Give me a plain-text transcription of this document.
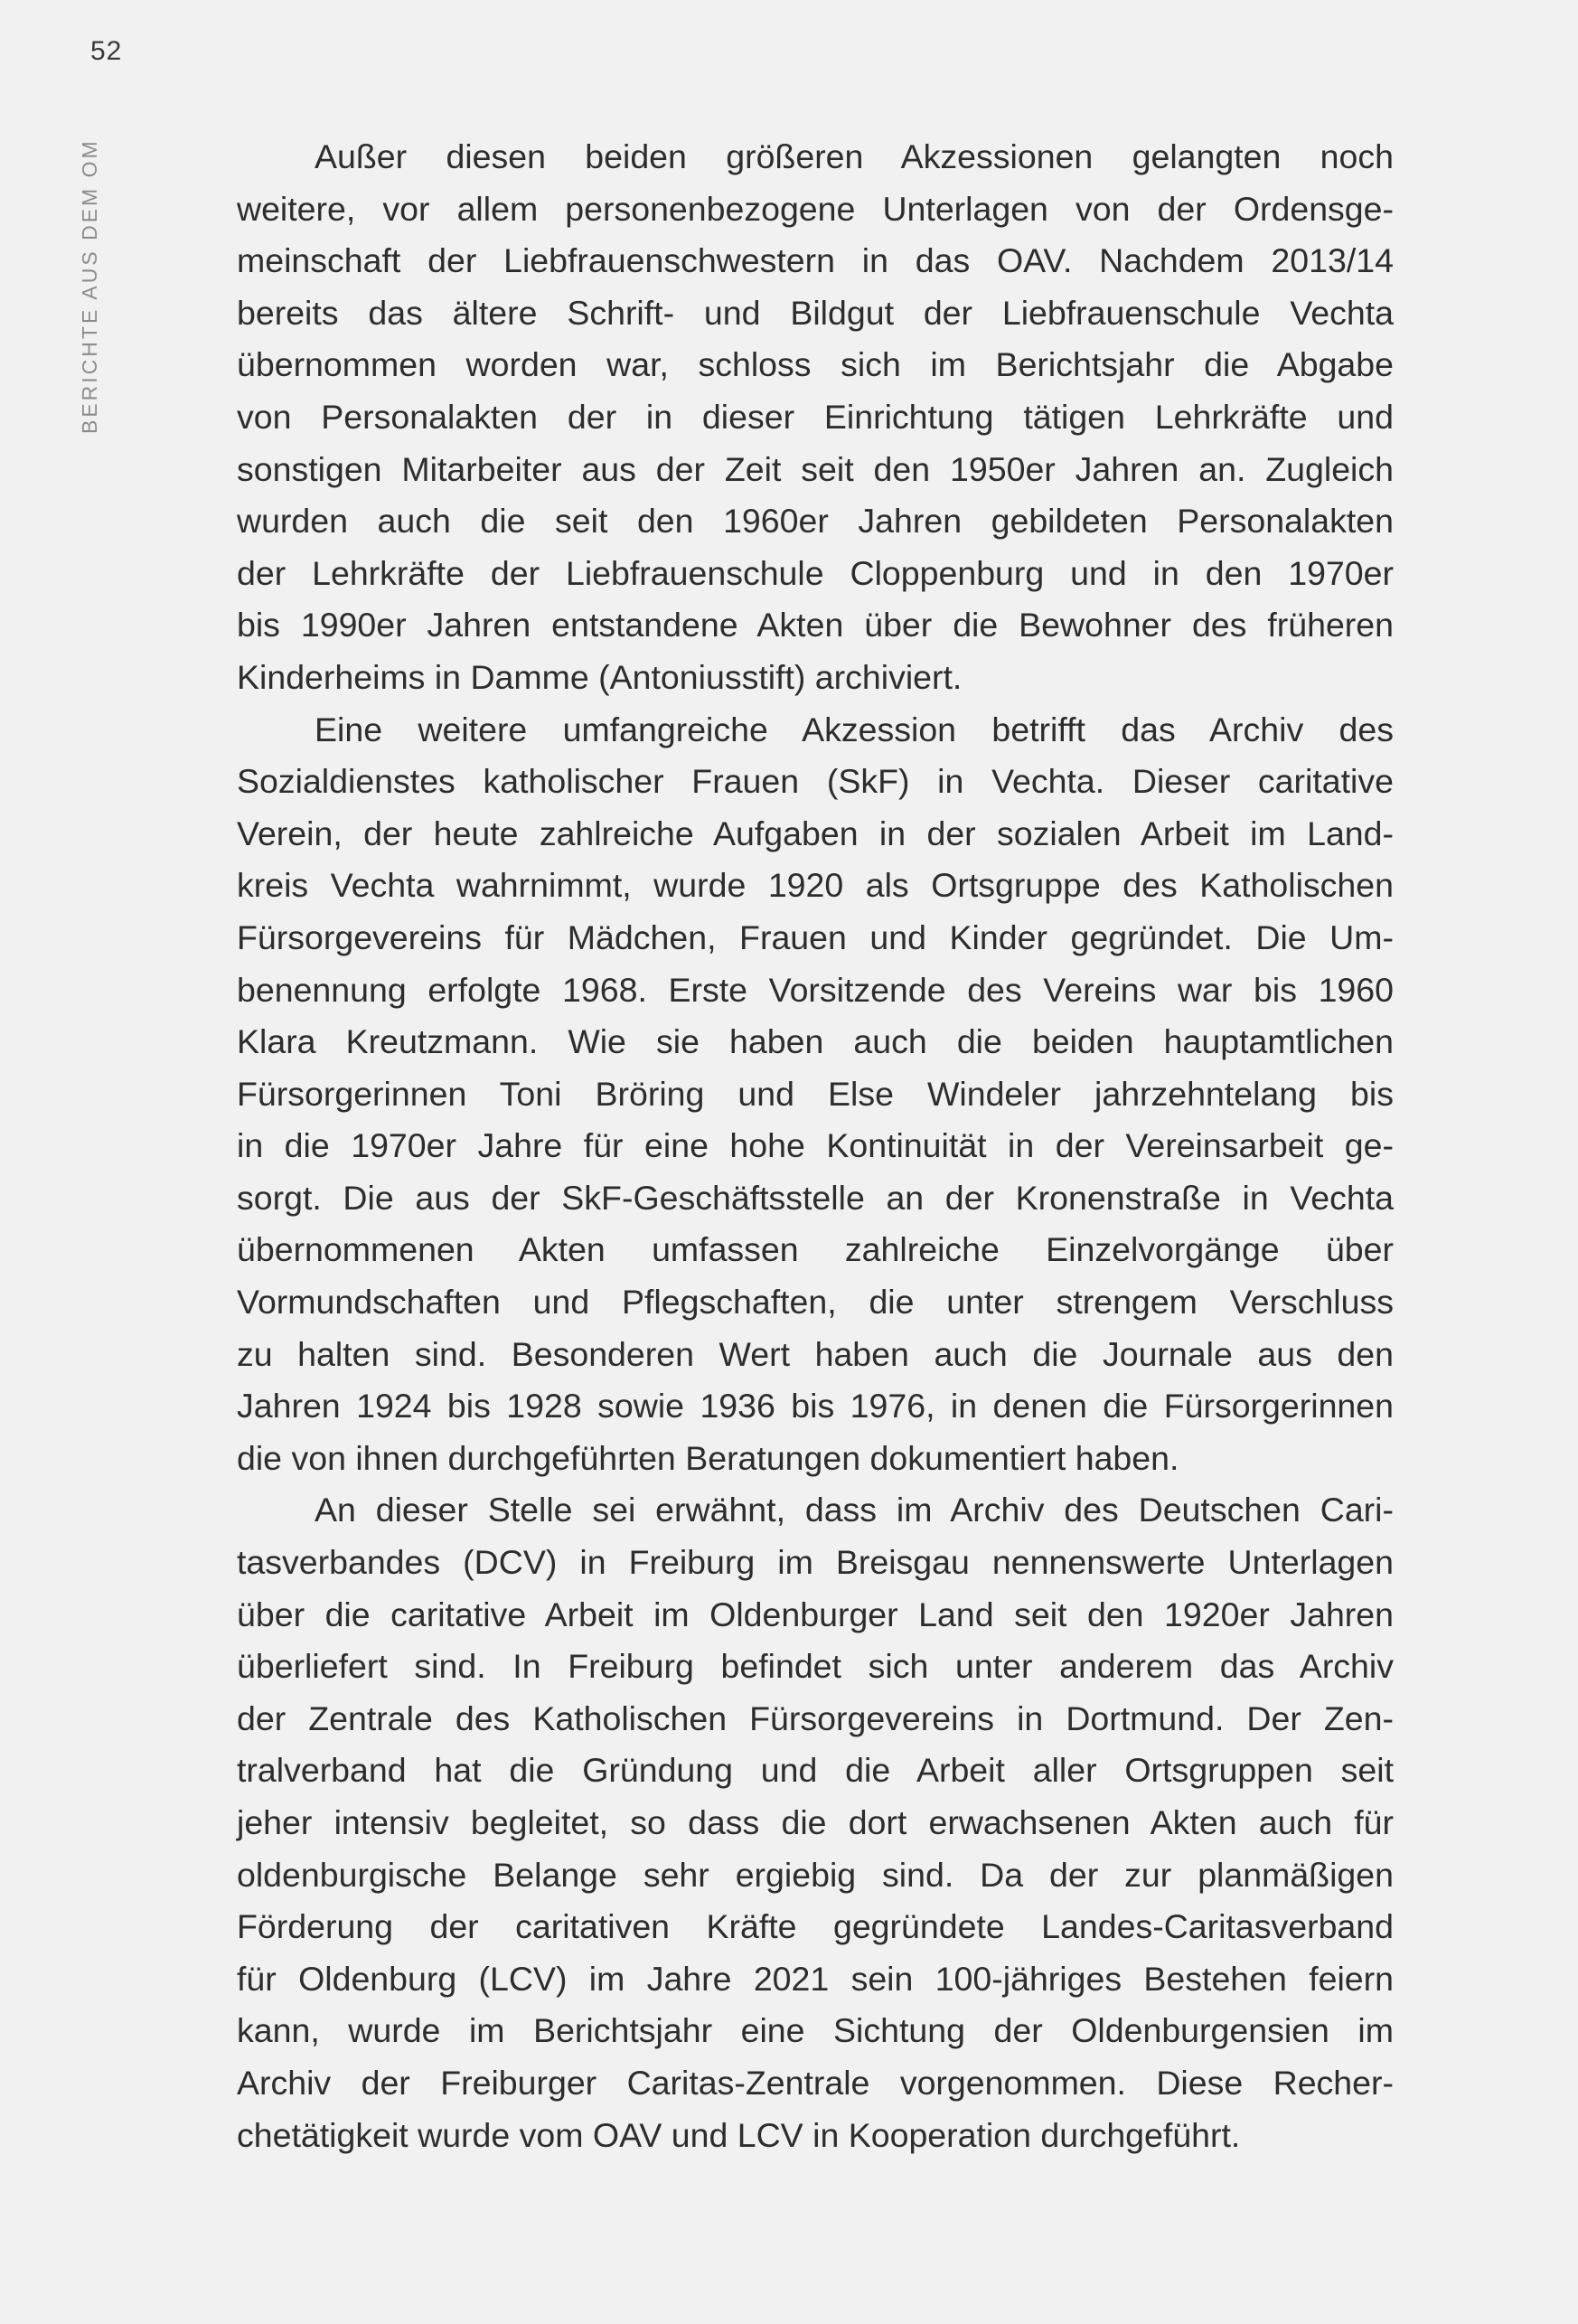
52
BERICHTE AUS DEM OM	Außer diesen beiden größeren Akzessionen gelangten noch
weitere, vor allem personenbezogene Unterlagen von der Ordensge-
meinschaft der Liebfrauenschwestern in das OAV. Nachdem 2013/14
bereits das ältere Schrift- und Bildgut der Liebfrauenschule Vechta
übernommen worden war, schloss sich im Berichtsjahr die Abgabe
von Personalakten der in dieser Einrichtung tätigen Lehrkräfte und
sonstigen Mitarbeiter aus der Zeit seit den 1950er Jahren an. Zugleich
wurden auch die seit den 1960er Jahren gebildeten Personalakten
der Lehrkräfte der Liebfrauenschule Cloppenburg und in den 1970er
bis 1990er Jahren entstandene Akten über die Bewohner des früheren
Kinderheims in Damme (Antoniusstift) archiviert.
Eine weitere umfangreiche Akzession betrifft das Archiv des
Sozialdienstes katholischer Frauen (SkF) in Vechta. Dieser caritative
Verein, der heute zahlreiche Aufgaben in der sozialen Arbeit im Land-
kreis Vechta wahrnimmt, wurde 1920 als Ortsgruppe des Katholischen
Fürsorgevereins für Mädchen, Frauen und Kinder gegründet. Die Um-
benennung erfolgte 1968. Erste Vorsitzende des Vereins war bis 1960
Klara Kreutzmann. Wie sie haben auch die beiden hauptamtlichen
Fürsorgerinnen Toni Bröring und Else Windeler jahrzehntelang bis
in die 1970er Jahre für eine hohe Kontinuität in der Vereinsarbeit ge-
sorgt. Die aus der SkF-Geschäftsstelle an der Kronenstraße in Vechta
übernommenen Akten umfassen zahlreiche Einzelvorgänge über
Vormundschaften und Pflegschaften, die unter strengem Verschluss
zu halten sind. Besonderen Wert haben auch die Journale aus den
Jahren 1924 bis 1928 sowie 1936 bis 1976, in denen die Fürsorgerinnen
die von ihnen durchgeführten Beratungen dokumentiert haben.
An dieser Stelle sei erwähnt, dass im Archiv des Deutschen Cari-
tasverbandes (DCV) in Freiburg im Breisgau nennenswerte Unterlagen
über die caritative Arbeit im Oldenburger Land seit den 1920er Jahren
überliefert sind. In Freiburg befindet sich unter anderem das Archiv
der Zentrale des Katholischen Fürsorgevereins in Dortmund. Der Zen-
tralverband hat die Gründung und die Arbeit aller Ortsgruppen seit
jeher intensiv begleitet, so dass die dort erwachsenen Akten auch für
oldenburgische Belange sehr ergiebig sind. Da der zur planmäßigen
Förderung der caritativen Kräfte gegründete Landes-Caritasverband
für Oldenburg (LCV) im Jahre 2021 sein 100-jähriges Bestehen feiern
kann, wurde im Berichtsjahr eine Sichtung der Oldenburgensien im
Archiv der Freiburger Caritas-Zentrale vorgenommen. Diese Recher-
chetätigkeit wurde vom OAV und LCV in Kooperation durchgeführt.
